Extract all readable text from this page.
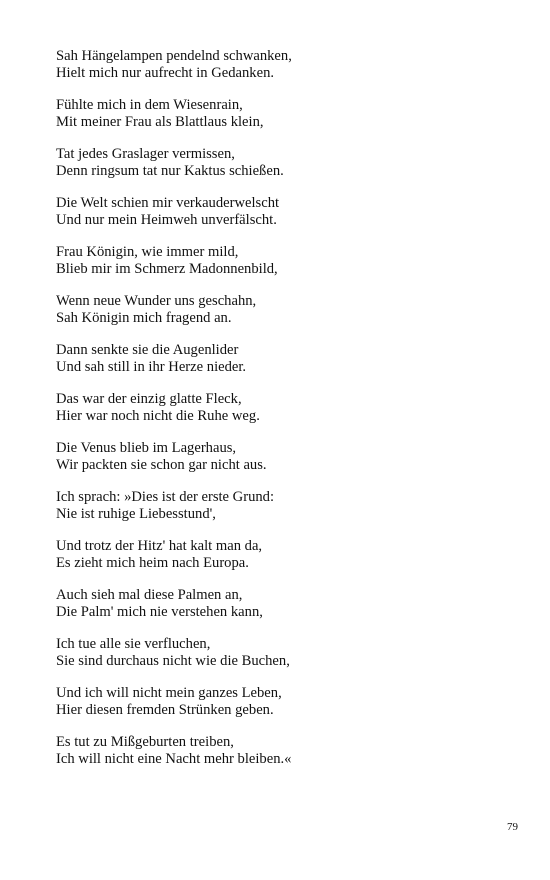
Sah Hängelampen pendelnd schwanken,
Hielt mich nur aufrecht in Gedanken.
Fühlte mich in dem Wiesenrain,
Mit meiner Frau als Blattlaus klein,
Tat jedes Graslager vermissen,
Denn ringsum tat nur Kaktus schießen.
Die Welt schien mir verkauderwelscht
Und nur mein Heimweh unverfälscht.
Frau Königin, wie immer mild,
Blieb mir im Schmerz Madonnenbild,
Wenn neue Wunder uns geschahn,
Sah Königin mich fragend an.
Dann senkte sie die Augenlider
Und sah still in ihr Herze nieder.
Das war der einzig glatte Fleck,
Hier war noch nicht die Ruhe weg.
Die Venus blieb im Lagerhaus,
Wir packten sie schon gar nicht aus.
Ich sprach: »Dies ist der erste Grund:
Nie ist ruhige Liebesstund',
Und trotz der Hitz' hat kalt man da,
Es zieht mich heim nach Europa.
Auch sieh mal diese Palmen an,
Die Palm' mich nie verstehen kann,
Ich tue alle sie verfluchen,
Sie sind durchaus nicht wie die Buchen,
Und ich will nicht mein ganzes Leben,
Hier diesen fremden Strünken geben.
Es tut zu Mißgeburten treiben,
Ich will nicht eine Nacht mehr bleiben.«
79
